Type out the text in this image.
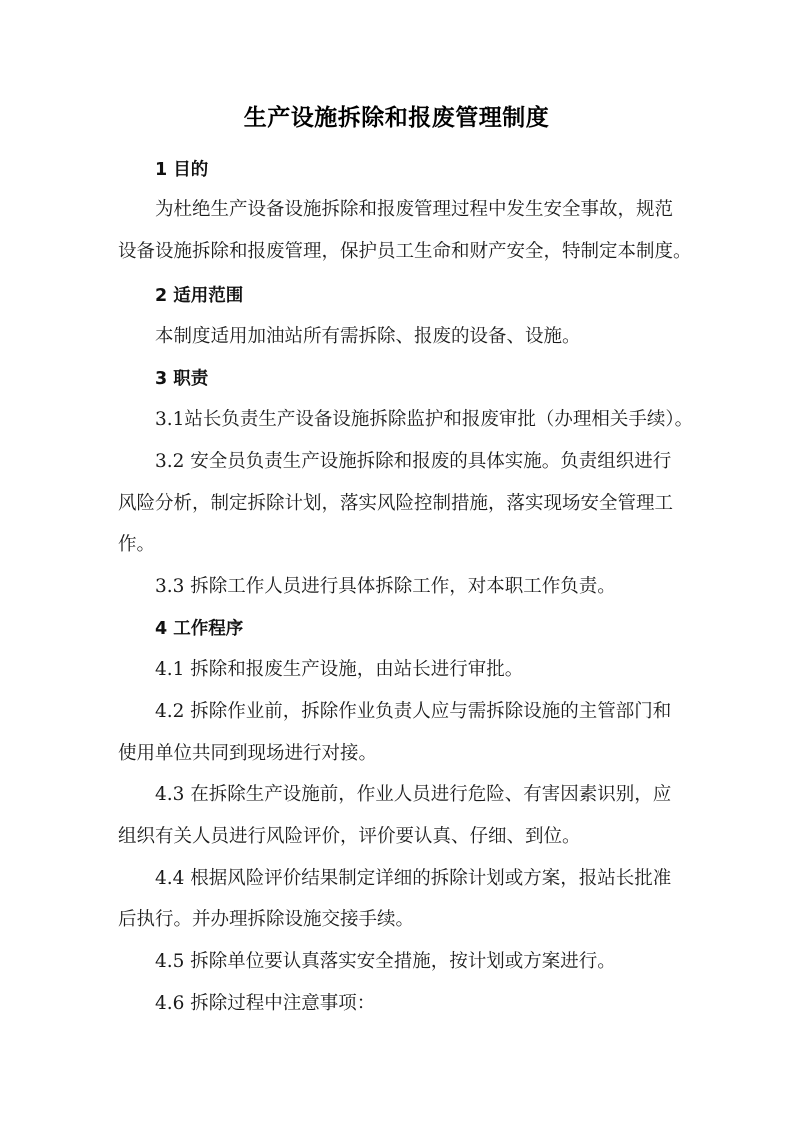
生产设施拆除和报废管理制度
1 目的
为杜绝生产设备设施拆除和报废管理过程中发生安全事故，规范
设备设施拆除和报废管理，保护员工生命和财产安全，特制定本制度。
2 适用范围
本制度适用加油站所有需拆除、报废的设备、设施。
3 职责
3.1站长负责生产设备设施拆除监护和报废审批（办理相关手续）。
3.2 安全员负责生产设施拆除和报废的具体实施。负责组织进行
风险分析，制定拆除计划，落实风险控制措施，落实现场安全管理工
作。
3.3 拆除工作人员进行具体拆除工作，对本职工作负责。
4 工作程序
4.1 拆除和报废生产设施，由站长进行审批。
4.2 拆除作业前，拆除作业负责人应与需拆除设施的主管部门和
使用单位共同到现场进行对接。
4.3 在拆除生产设施前，作业人员进行危险、有害因素识别，应
组织有关人员进行风险评价，评价要认真、仔细、到位。
4.4 根据风险评价结果制定详细的拆除计划或方案，报站长批准
后执行。并办理拆除设施交接手续。
4.5 拆除单位要认真落实安全措施，按计划或方案进行。
4.6 拆除过程中注意事项：
